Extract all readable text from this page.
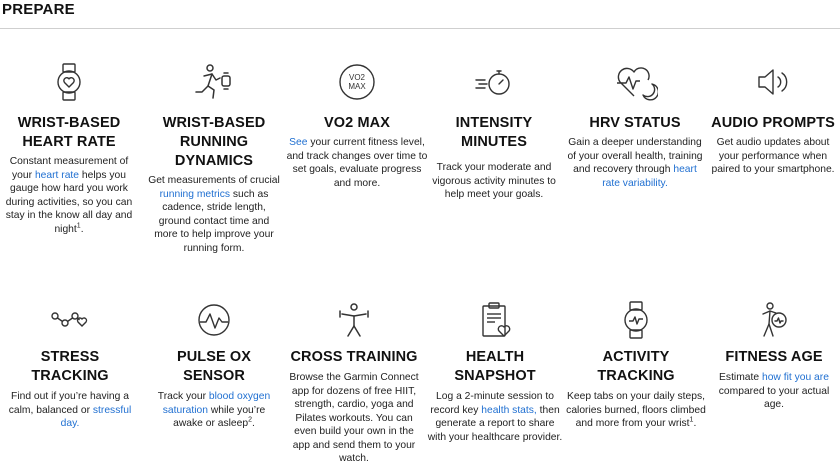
PREPARE
WRIST-BASED HEART RATE
Constant measurement of your heart rate helps you gauge how hard you work during activities, so you can stay in the know all day and night$^1$.
WRIST-BASED RUNNING DYNAMICS
Get measurements of crucial running metrics such as cadence, stride length, ground contact time and more to help improve your running form.
VO2
MAX
VO2 MAX
See your current fitness level, and track changes over time to set goals, evaluate progress and more.
INTENSITY MINUTES
Track your moderate and vigorous activity minutes to help meet your goals.
HRV STATUS
Gain a deeper understanding of your overall health, training and recovery through heart rate variability.
AUDIO PROMPTS
Get audio updates about your performance when paired to your smartphone.
STRESS TRACKING
Find out if you’re having a calm, balanced or stressful day.
PULSE OX SENSOR
Track your blood oxygen saturation while you’re awake or asleep$^2$.
CROSS TRAINING
Browse the Garmin Connect app for dozens of free HIIT, strength, cardio, yoga and Pilates workouts. You can even build your own in the app and send them to your watch.
HEALTH SNAPSHOT
Log a 2-minute session to record key health stats, then generate a report to share with your healthcare provider.
ACTIVITY TRACKING
Keep tabs on your daily steps, calories burned, floors climbed and more from your wrist$^1$.
FITNESS AGE
Estimate how fit you are compared to your actual age.
